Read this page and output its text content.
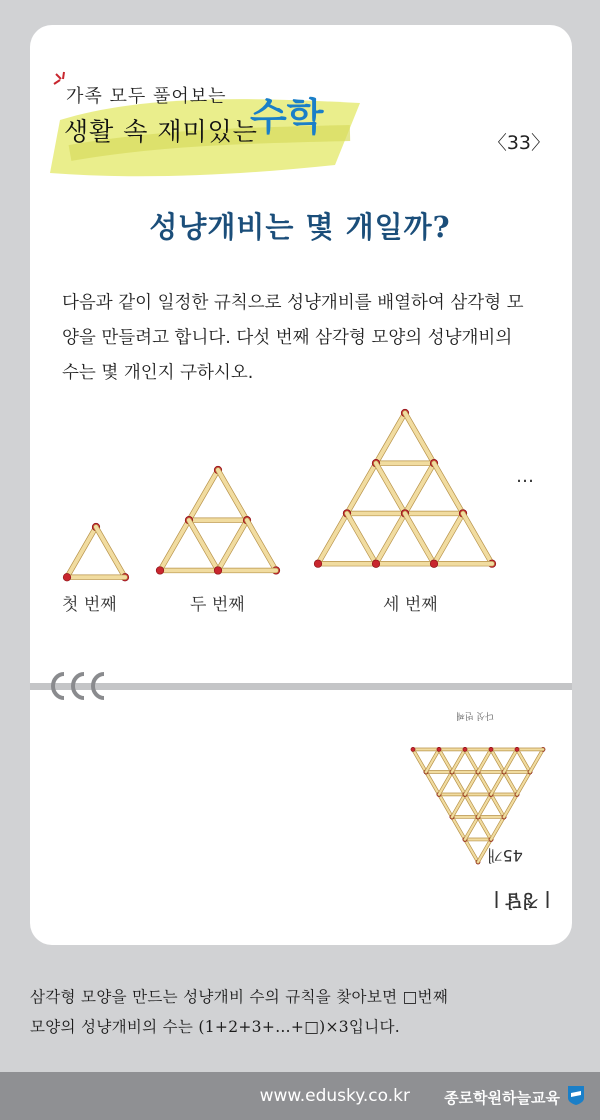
가족 모두 풀어보는
생활 속 재미있는
수학
〈33〉
성냥개비는 몇 개일까?
다음과 같이 일정한 규칙으로 성냥개비를 배열하여 삼각형 모
양을 만들려고 합니다. 다섯 번째 삼각형 모양의 성냥개비의
수는 몇 개인지 구하시오.
첫 번째	두 번째	세 번째
…
다섯 번째
45개
| 정답 |
삼각형 모양을 만드는 성냥개비 수의 규칙을 찾아보면 □번째
모양의 성냥개비의 수는 (1+2+3+…+□)×3입니다.
www.edusky.co.kr 종로학원하늘교육
